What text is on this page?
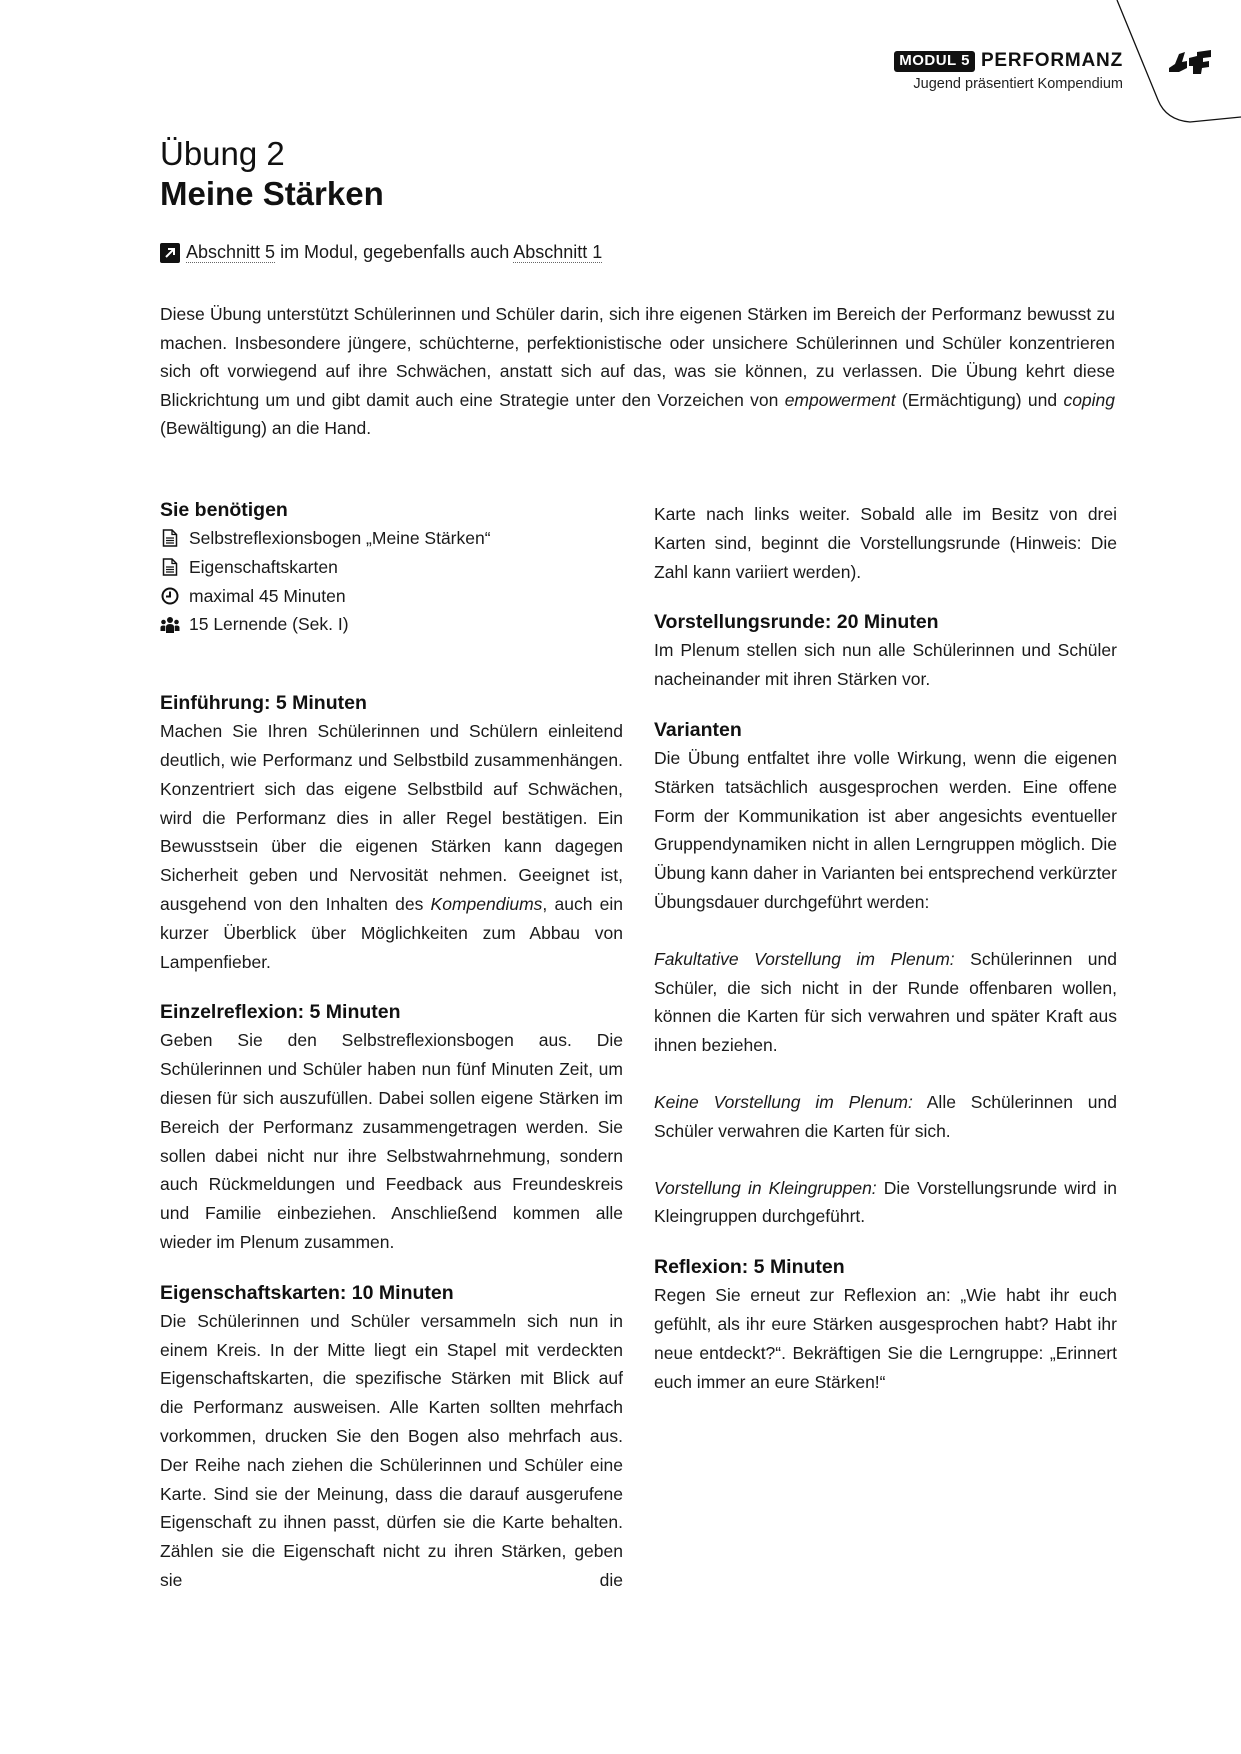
MODUL 5 PERFORMANZ
Jugend präsentiert Kompendium
Übung 2
Meine Stärken
Abschnitt 5 im Modul, gegebenfalls auch Abschnitt 1

Diese Übung unterstützt Schülerinnen und Schüler darin, sich ihre eigenen Stärken im Bereich der Performanz bewusst zu machen. Insbesondere jüngere, schüchterne, perfektionistische oder unsichere Schülerinnen und Schüler konzentrieren sich oft vorwiegend auf ihre Schwächen, anstatt sich auf das, was sie können, zu verlassen. Die Übung kehrt diese Blickrichtung um und gibt damit auch eine Strategie unter den Vorzeichen von empowerment (Ermächtigung) und coping (Bewältigung) an die Hand.

Sie benötigen
Selbstreflexionsbogen „Meine Stärken“
Eigenschaftskarten
maximal 45 Minuten
15 Lernende (Sek. I)
Einführung: 5 Minuten

Machen Sie Ihren Schülerinnen und Schülern einleitend deutlich, wie Performanz und Selbstbild zusammenhängen. Konzentriert sich das eigene Selbstbild auf Schwächen, wird die Performanz dies in aller Regel bestätigen. Ein Bewusstsein über die eigenen Stärken kann dagegen Sicherheit geben und Nervosität nehmen. Geeignet ist, ausgehend von den Inhalten des Kompendiums, auch ein kurzer Überblick über Möglichkeiten zum Abbau von Lampenfieber.

Einzelreflexion: 5 Minuten

Geben Sie den Selbstreflexionsbogen aus. Die Schülerinnen und Schüler haben nun fünf Minuten Zeit, um diesen für sich auszufüllen. Dabei sollen eigene Stärken im Bereich der Performanz zusammengetragen werden. Sie sollen dabei nicht nur ihre Selbstwahrnehmung, sondern auch Rückmeldungen und Feedback aus Freundeskreis und Familie einbeziehen. Anschließend kommen alle wieder im Plenum zusammen.

Eigenschaftskarten: 10 Minuten

Die Schülerinnen und Schüler versammeln sich nun in einem Kreis. In der Mitte liegt ein Stapel mit verdeckten Eigenschaftskarten, die spezifische Stärken mit Blick auf die Performanz ausweisen. Alle Karten sollten mehrfach vorkommen, drucken Sie den Bogen also mehrfach aus. Der Reihe nach ziehen die Schülerinnen und Schüler eine Karte. Sind sie der Meinung, dass die darauf ausgerufene Eigenschaft zu ihnen passt, dürfen sie die Karte behalten. Zählen sie die Eigenschaft nicht zu ihren Stärken, geben sie die

Karte nach links weiter. Sobald alle im Besitz von drei Karten sind, beginnt die Vorstellungsrunde (Hinweis: Die Zahl kann variiert werden).

Vorstellungsrunde: 20 Minuten

Im Plenum stellen sich nun alle Schülerinnen und Schüler nacheinander mit ihren Stärken vor.

Varianten

Die Übung entfaltet ihre volle Wirkung, wenn die eigenen Stärken tatsächlich ausgesprochen werden. Eine offene Form der Kommunikation ist aber angesichts eventueller Gruppendynamiken nicht in allen Lerngruppen möglich. Die Übung kann daher in Varianten bei entsprechend verkürzter Übungsdauer durchgeführt werden:

Fakultative Vorstellung im Plenum: Schülerinnen und Schüler, die sich nicht in der Runde offenbaren wollen, können die Karten für sich verwahren und später Kraft aus ihnen beziehen.

Keine Vorstellung im Plenum: Alle Schülerinnen und Schüler verwahren die Karten für sich.

Vorstellung in Kleingruppen: Die Vorstellungsrunde wird in Kleingruppen durchgeführt.

Reflexion: 5 Minuten

Regen Sie erneut zur Reflexion an: „Wie habt ihr euch gefühlt, als ihr eure Stärken ausgesprochen habt? Habt ihr neue entdeckt?“. Bekräftigen Sie die Lerngruppe: „Erinnert euch immer an eure Stärken!“
